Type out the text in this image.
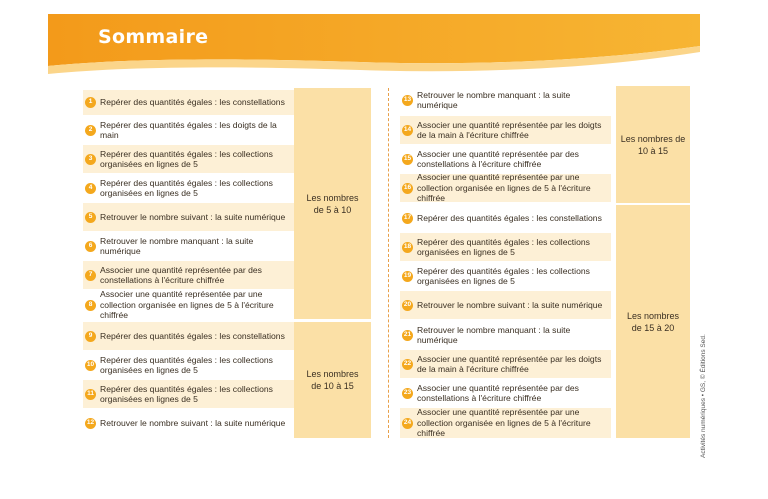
Sommaire
1 Repérer des quantités égales : les constellations
2 Repérer des quantités égales : les doigts de la main
3 Repérer des quantités égales : les collections organisées en lignes de 5
4 Repérer des quantités égales : les collections organisées en lignes de 5
5 Retrouver le nombre suivant : la suite numérique
6 Retrouver le nombre manquant : la suite numérique
7 Associer une quantité représentée par des constellations à l'écriture chiffrée
8
Associer une quantité représentée par une collection organisée en lignes de 5 à l'écriture chiffrée
9 Repérer des quantités égales : les constellations
10 Repérer des quantités égales : les collections organisées en lignes de 5
11 Repérer des quantités égales : les collections organisées en lignes de 5
12 Retrouver le nombre suivant : la suite numérique
Les nombres
de 5 à 10
Les nombres
de 10 à 15
13 Retrouver le nombre manquant : la suite numérique
14 Associer une quantité représentée par les doigts de la main à l'écriture chiffrée
15 Associer une quantité représentée par des constellations à l'écriture chiffrée
16
Associer une quantité représentée par une collection organisée en lignes de 5 à l'écriture chiffrée
17 Repérer des quantités égales : les constellations
18 Repérer des quantités égales : les collections organisées en lignes de 5
19 Repérer des quantités égales : les collections organisées en lignes de 5
20 Retrouver le nombre suivant : la suite numérique
21 Retrouver le nombre manquant : la suite numérique
22 Associer une quantité représentée par les doigts de la main à l'écriture chiffrée
23 Associer une quantité représentée par des constellations à l'écriture chiffrée
24
Associer une quantité représentée par une collection organisée en lignes de 5 à l'écriture chiffrée
Les nombres de
10 à 15
Les nombres
de 15 à 20
Activités numériques • GS, © Éditions Sed.
